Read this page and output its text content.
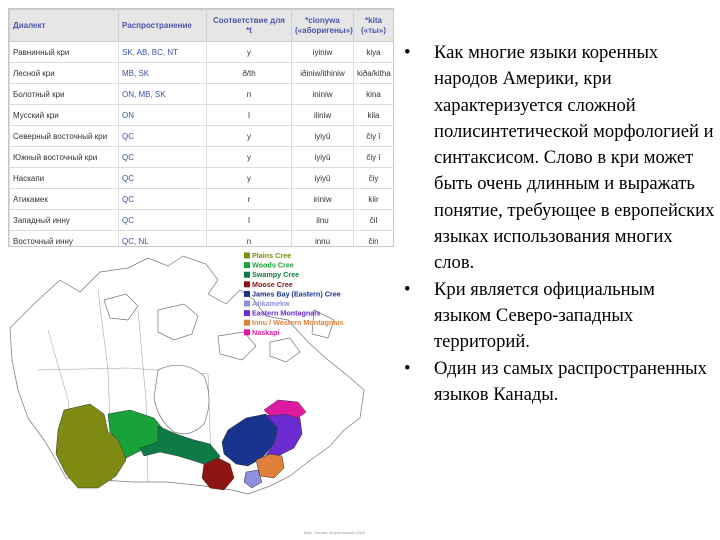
Диалект	Распространение	Соответствие для *t	*cionywa («аборигены»)	*kita («ты»)
Равнинный кри	SK, AB, BC, NT	y	iyiniw	kiya
Лесной кри	MB, SK	ð/th	iðiniw/ithiniw	kiða/kitha
Болотный кри	ON, MB, SK	n	ininiw	kina
Мусский кри	ON	l	iliniw	kila
Северный восточный кри	QC	y	iyiyū	čiy ī
Южный восточный кри	QC	y	iyiyū	čiy ī
Наскапи	QC	y	iyiyū	čiy
Атикамек	QC	r	iriniw	kiir
Западный инну	QC	l	ilnu	čil
Восточный инну	QC, NL	n	innu	čin
Plains Cree
Woods Cree
Swampy Cree
Moose Cree
James Bay (Eastern) Cree
Atikamekw
Eastern Montagnais
Innu / Western Montagnais
Naskapi
Map: Tomasz Wojciechowski 2006
• Как многие языки коренных народов Америки, кри характеризуется сложной полисинтетической морфологией и синтаксисом. Слово в кри может быть очень длинным и выражать понятие, требующее в европейских языках использования многих слов.
• Кри является официальным языком Северо-западных территорий.
• Один из самых распространенных языков Канады.
